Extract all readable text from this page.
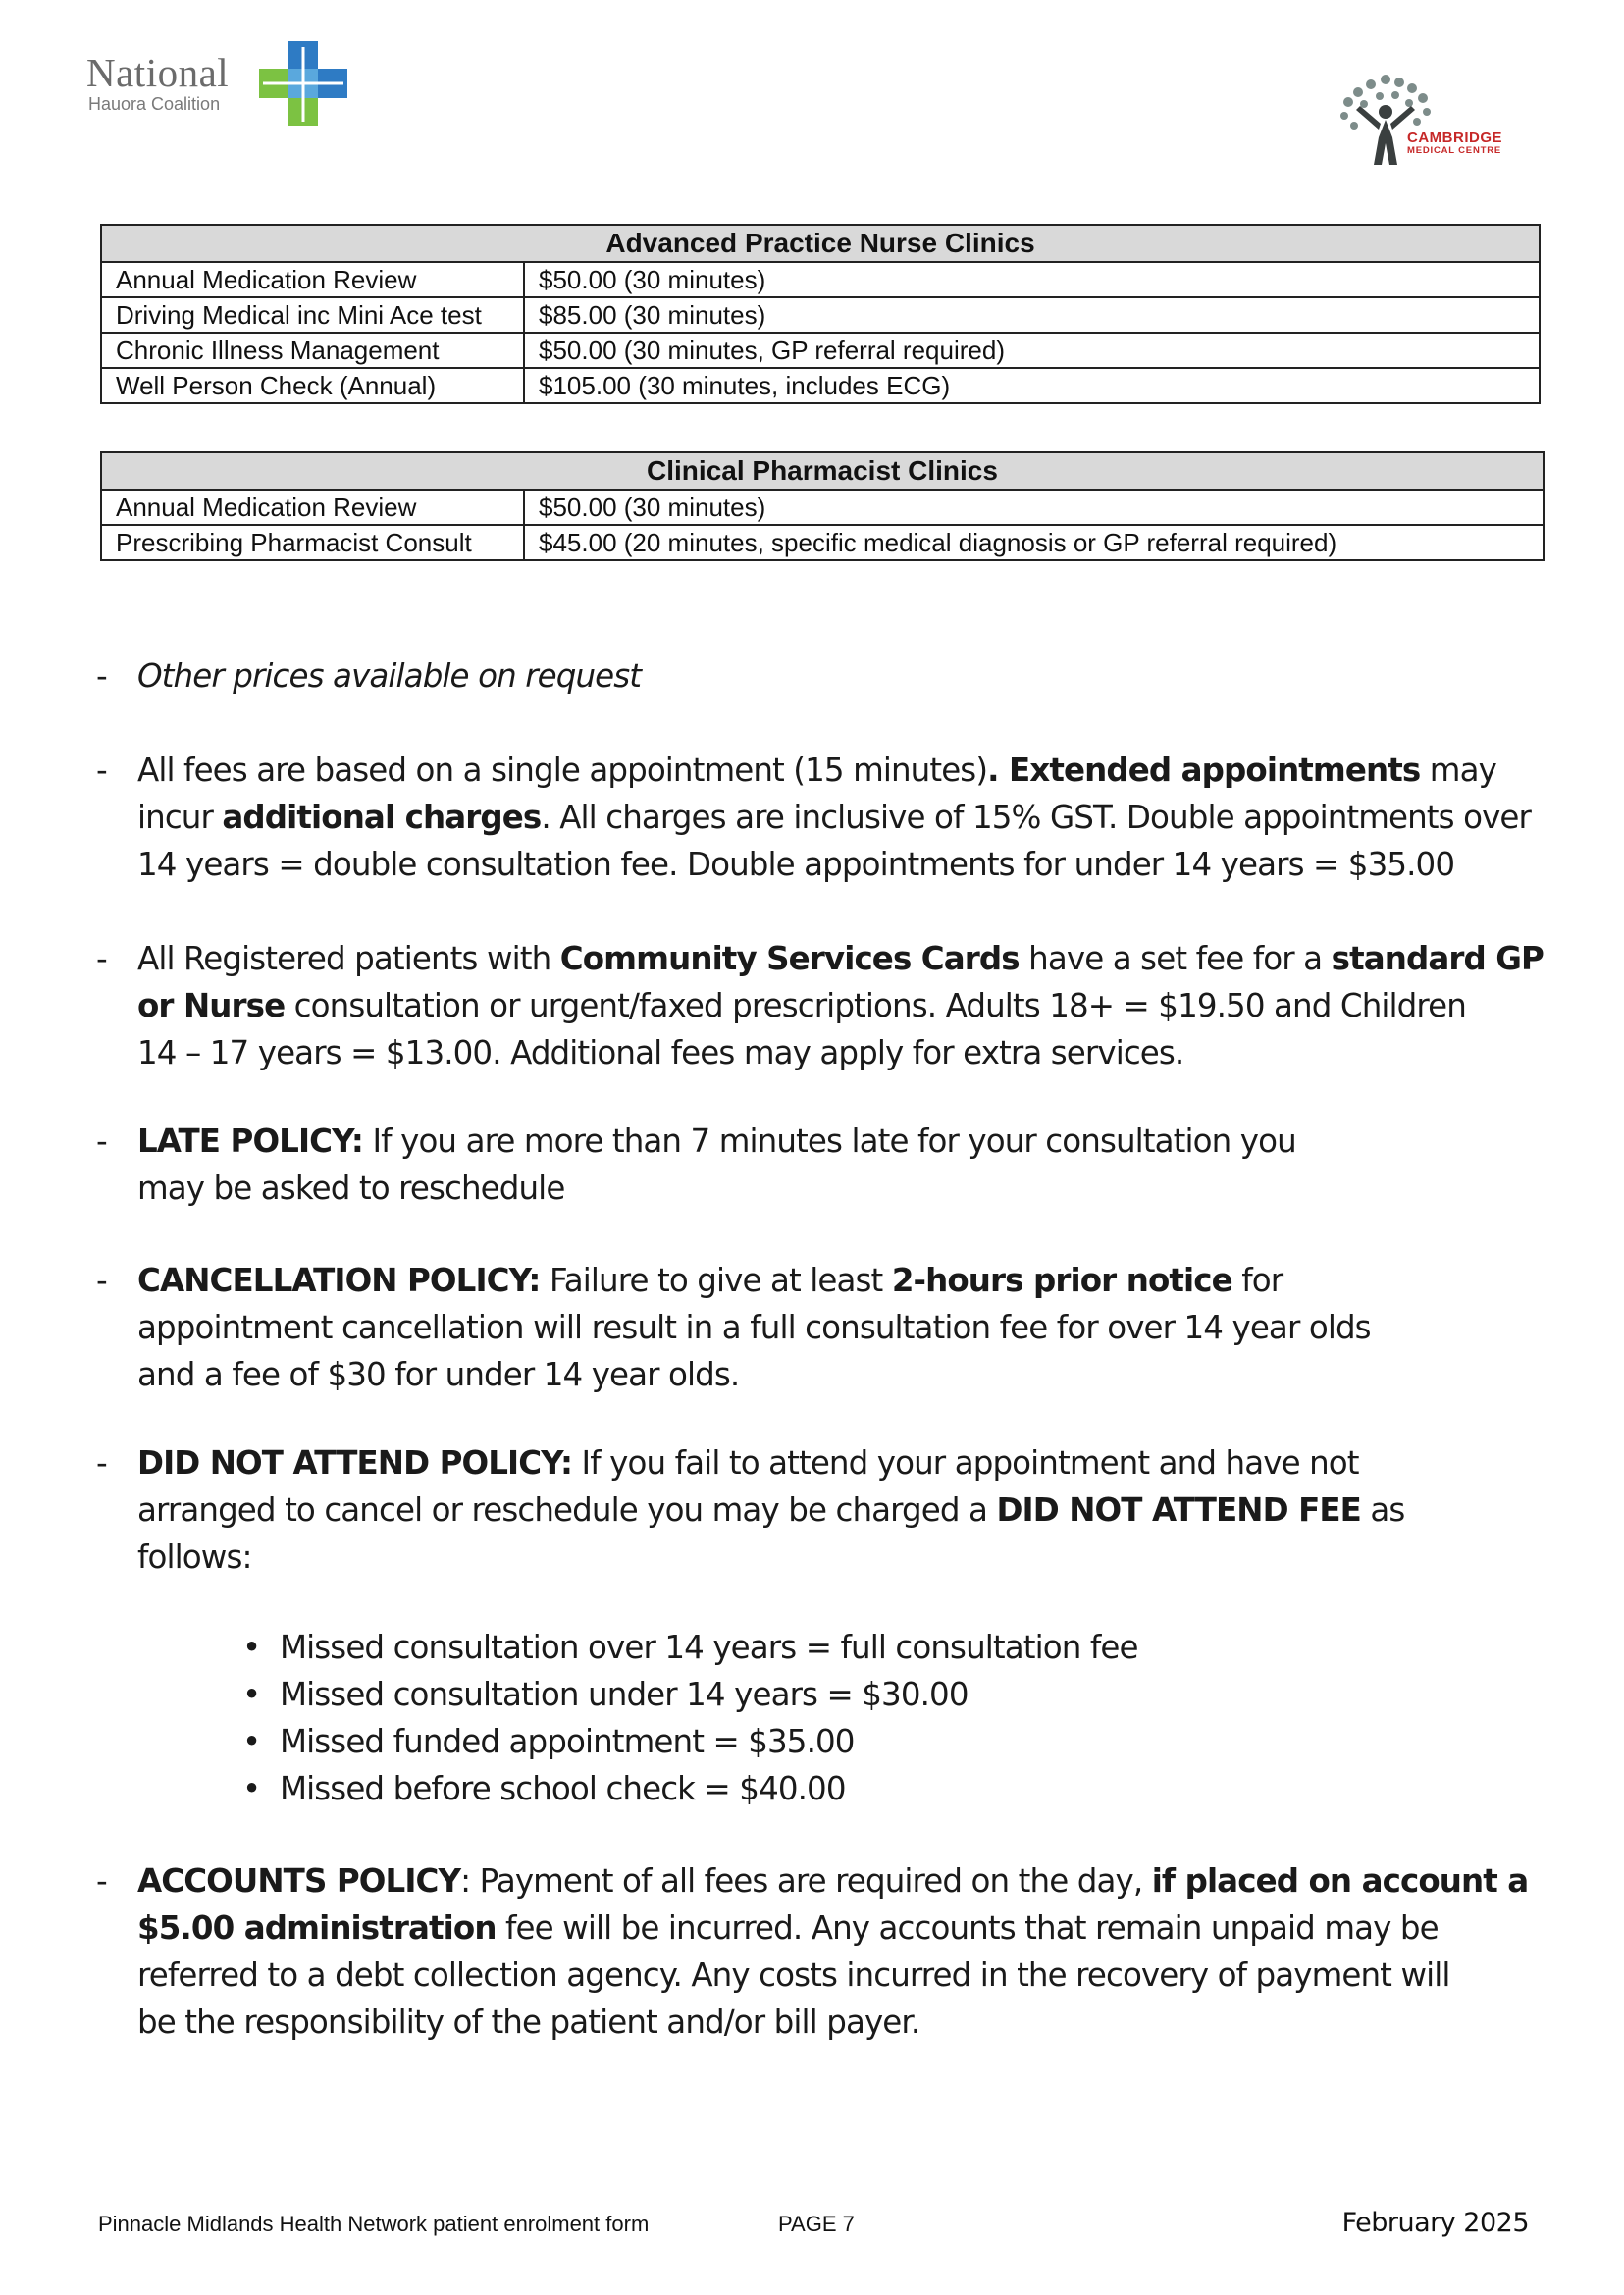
National
Hauora Coalition
CAMBRIDGE
MEDICAL CENTRE
Advanced Practice Nurse Clinics	
Annual Medication Review	$50.00 (30 minutes)
Driving Medical inc Mini Ace test	$85.00 (30 minutes)
Chronic Illness Management	$50.00 (30 minutes, GP referral required)
Well Person Check (Annual)	$105.00 (30 minutes, includes ECG)
Clinical Pharmacist Clinics	
Annual Medication Review	$50.00 (30 minutes)
Prescribing Pharmacist Consult	$45.00 (20 minutes, specific medical diagnosis or GP referral required)
- Other prices available on request

- All fees are based on a single appointment (15 minutes). Extended appointments may

incur additional charges. All charges are inclusive of 15% GST. Double appointments over

14 years = double consultation fee. Double appointments for under 14 years = $35.00

- All Registered patients with Community Services Cards have a set fee for a standard GP

or Nurse consultation or urgent/faxed prescriptions. Adults 18+ = $19.50 and Children

14 – 17 years = $13.00. Additional fees may apply for extra services.

- LATE POLICY: If you are more than 7 minutes late for your consultation you

may be asked to reschedule

- CANCELLATION POLICY: Failure to give at least 2-hours prior notice for

appointment cancellation will result in a full consultation fee for over 14 year olds

and a fee of $30 for under 14 year olds.

- DID NOT ATTEND POLICY: If you fail to attend your appointment and have not

arranged to cancel or reschedule you may be charged a DID NOT ATTEND FEE as

follows:

• Missed consultation over 14 years = full consultation fee
• Missed consultation under 14 years = $30.00
• Missed funded appointment = $35.00
• Missed before school check = $40.00
- ACCOUNTS POLICY: Payment of all fees are required on the day, if placed on account a

$5.00 administration fee will be incurred. Any accounts that remain unpaid may be

referred to a debt collection agency. Any costs incurred in the recovery of payment will

be the responsibility of the patient and/or bill payer.

Pinnacle Midlands Health Network patient enrolment form	PAGE 7	February 2025
